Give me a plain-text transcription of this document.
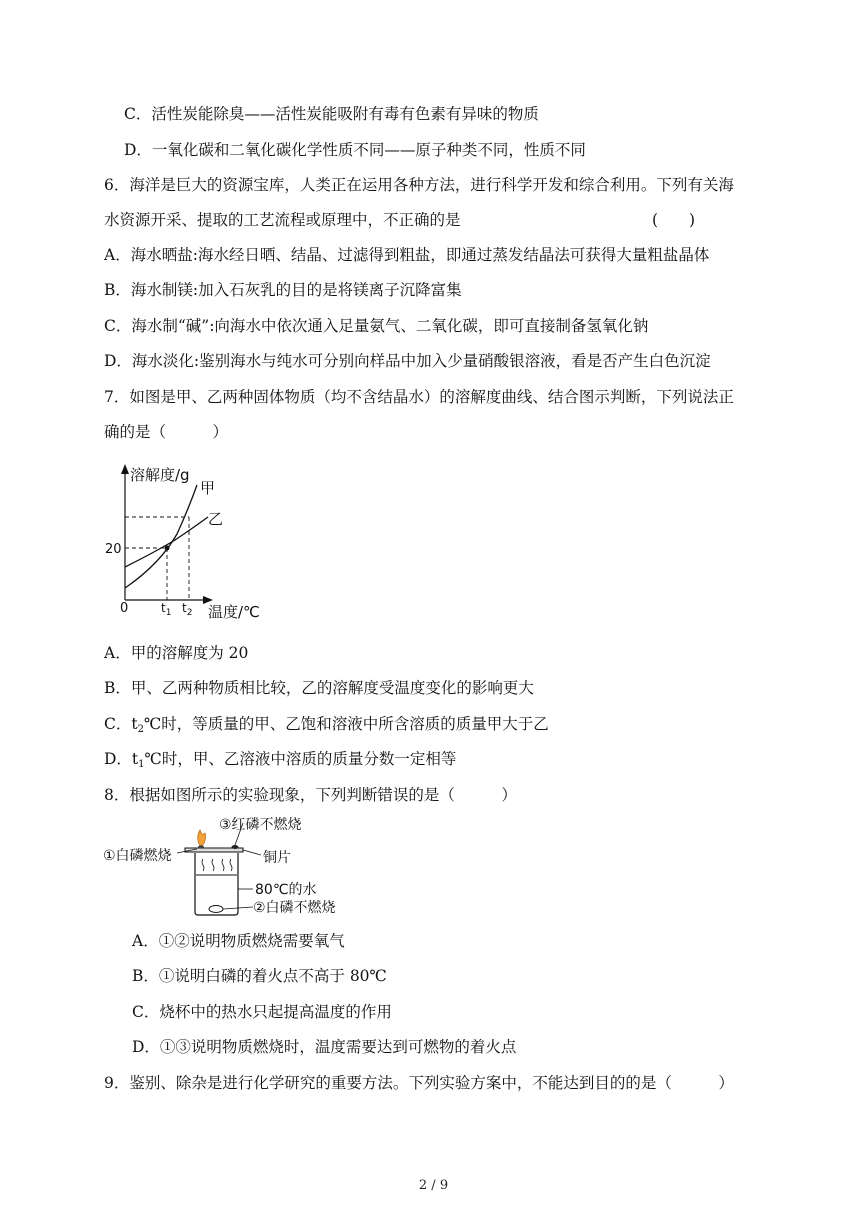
C．活性炭能除臭——活性炭能吸附有毒有色素有异味的物质
D．一氧化碳和二氧化碳化学性质不同——原子种类不同，性质不同
6．海洋是巨大的资源宝库，人类正在运用各种方法，进行科学开发和综合利用。下列有关海
水资源开采、提取的工艺流程或原理中，不正确的是	(　　)
A．海水晒盐:海水经日晒、结晶、过滤得到粗盐，即通过蒸发结晶法可获得大量粗盐晶体
B．海水制镁:加入石灰乳的目的是将镁离子沉降富集
C．海水制“碱”:向海水中依次通入足量氨气、二氧化碳，即可直接制备氢氧化钠
D．海水淡化:鉴别海水与纯水可分别向样品中加入少量硝酸银溶液，看是否产生白色沉淀
7．如图是甲、乙两种固体物质（均不含结晶水）的溶解度曲线、结合图示判断，下列说法正
确的是（　　　）
溶解度/g
甲
乙
20
0	$t_1$ $t_2$ 温度/℃
A．甲的溶解度为 20
B．甲、乙两种物质相比较，乙的溶解度受温度变化的影响更大
C．$t_2℃$时，等质量的甲、乙饱和溶液中所含溶质的质量甲大于乙
D．$t_1℃$时，甲、乙溶液中溶质的质量分数一定相等
8．根据如图所示的实验现象，下列判断错误的是（　　　）
③红磷不燃烧
①白磷燃烧	铜片
80℃的水
②白磷不燃烧
A．①②说明物质燃烧需要氧气
B．①说明白磷的着火点不高于 80℃
C．烧杯中的热水只起提高温度的作用
D．①③说明物质燃烧时，温度需要达到可燃物的着火点
9．鉴别、除杂是进行化学研究的重要方法。下列实验方案中，不能达到目的的是（　　　）
2 / 9
